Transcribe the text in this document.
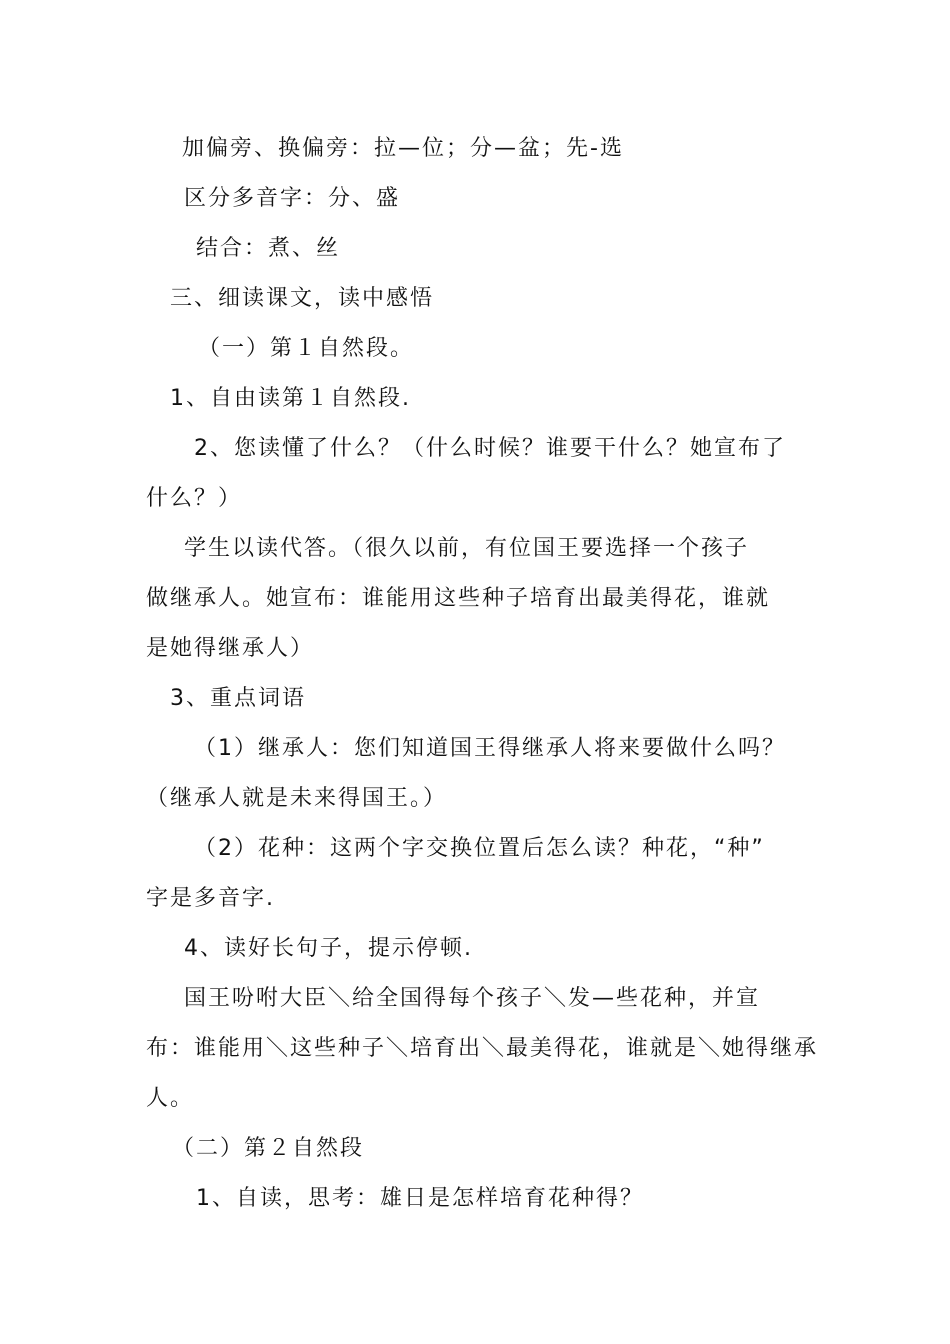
加偏旁、换偏旁：拉—位；分—盆；先-选
区分多音字：分、盛
结合：煮、丝
三、细读课文，读中感悟
（一）第１自然段。
1、自由读第１自然段.
2、您读懂了什么？（什么时候？谁要干什么？她宣布了
什么？）
学生以读代答。（很久以前，有位国王要选择一个孩子
做继承人。她宣布：谁能用这些种子培育出最美得花，谁就
是她得继承人）
3、重点词语
（1）继承人：您们知道国王得继承人将来要做什么吗？
（继承人就是未来得国王。）
（2）花种：这两个字交换位置后怎么读？种花，“种”
字是多音字.
4、读好长句子，提示停顿.
国王吩咐大臣＼给全国得每个孩子＼发—些花种，并宣
布：谁能用＼这些种子＼培育出＼最美得花，谁就是＼她得继承
人。
（二）第２自然段
1、自读，思考：雄日是怎样培育花种得？
